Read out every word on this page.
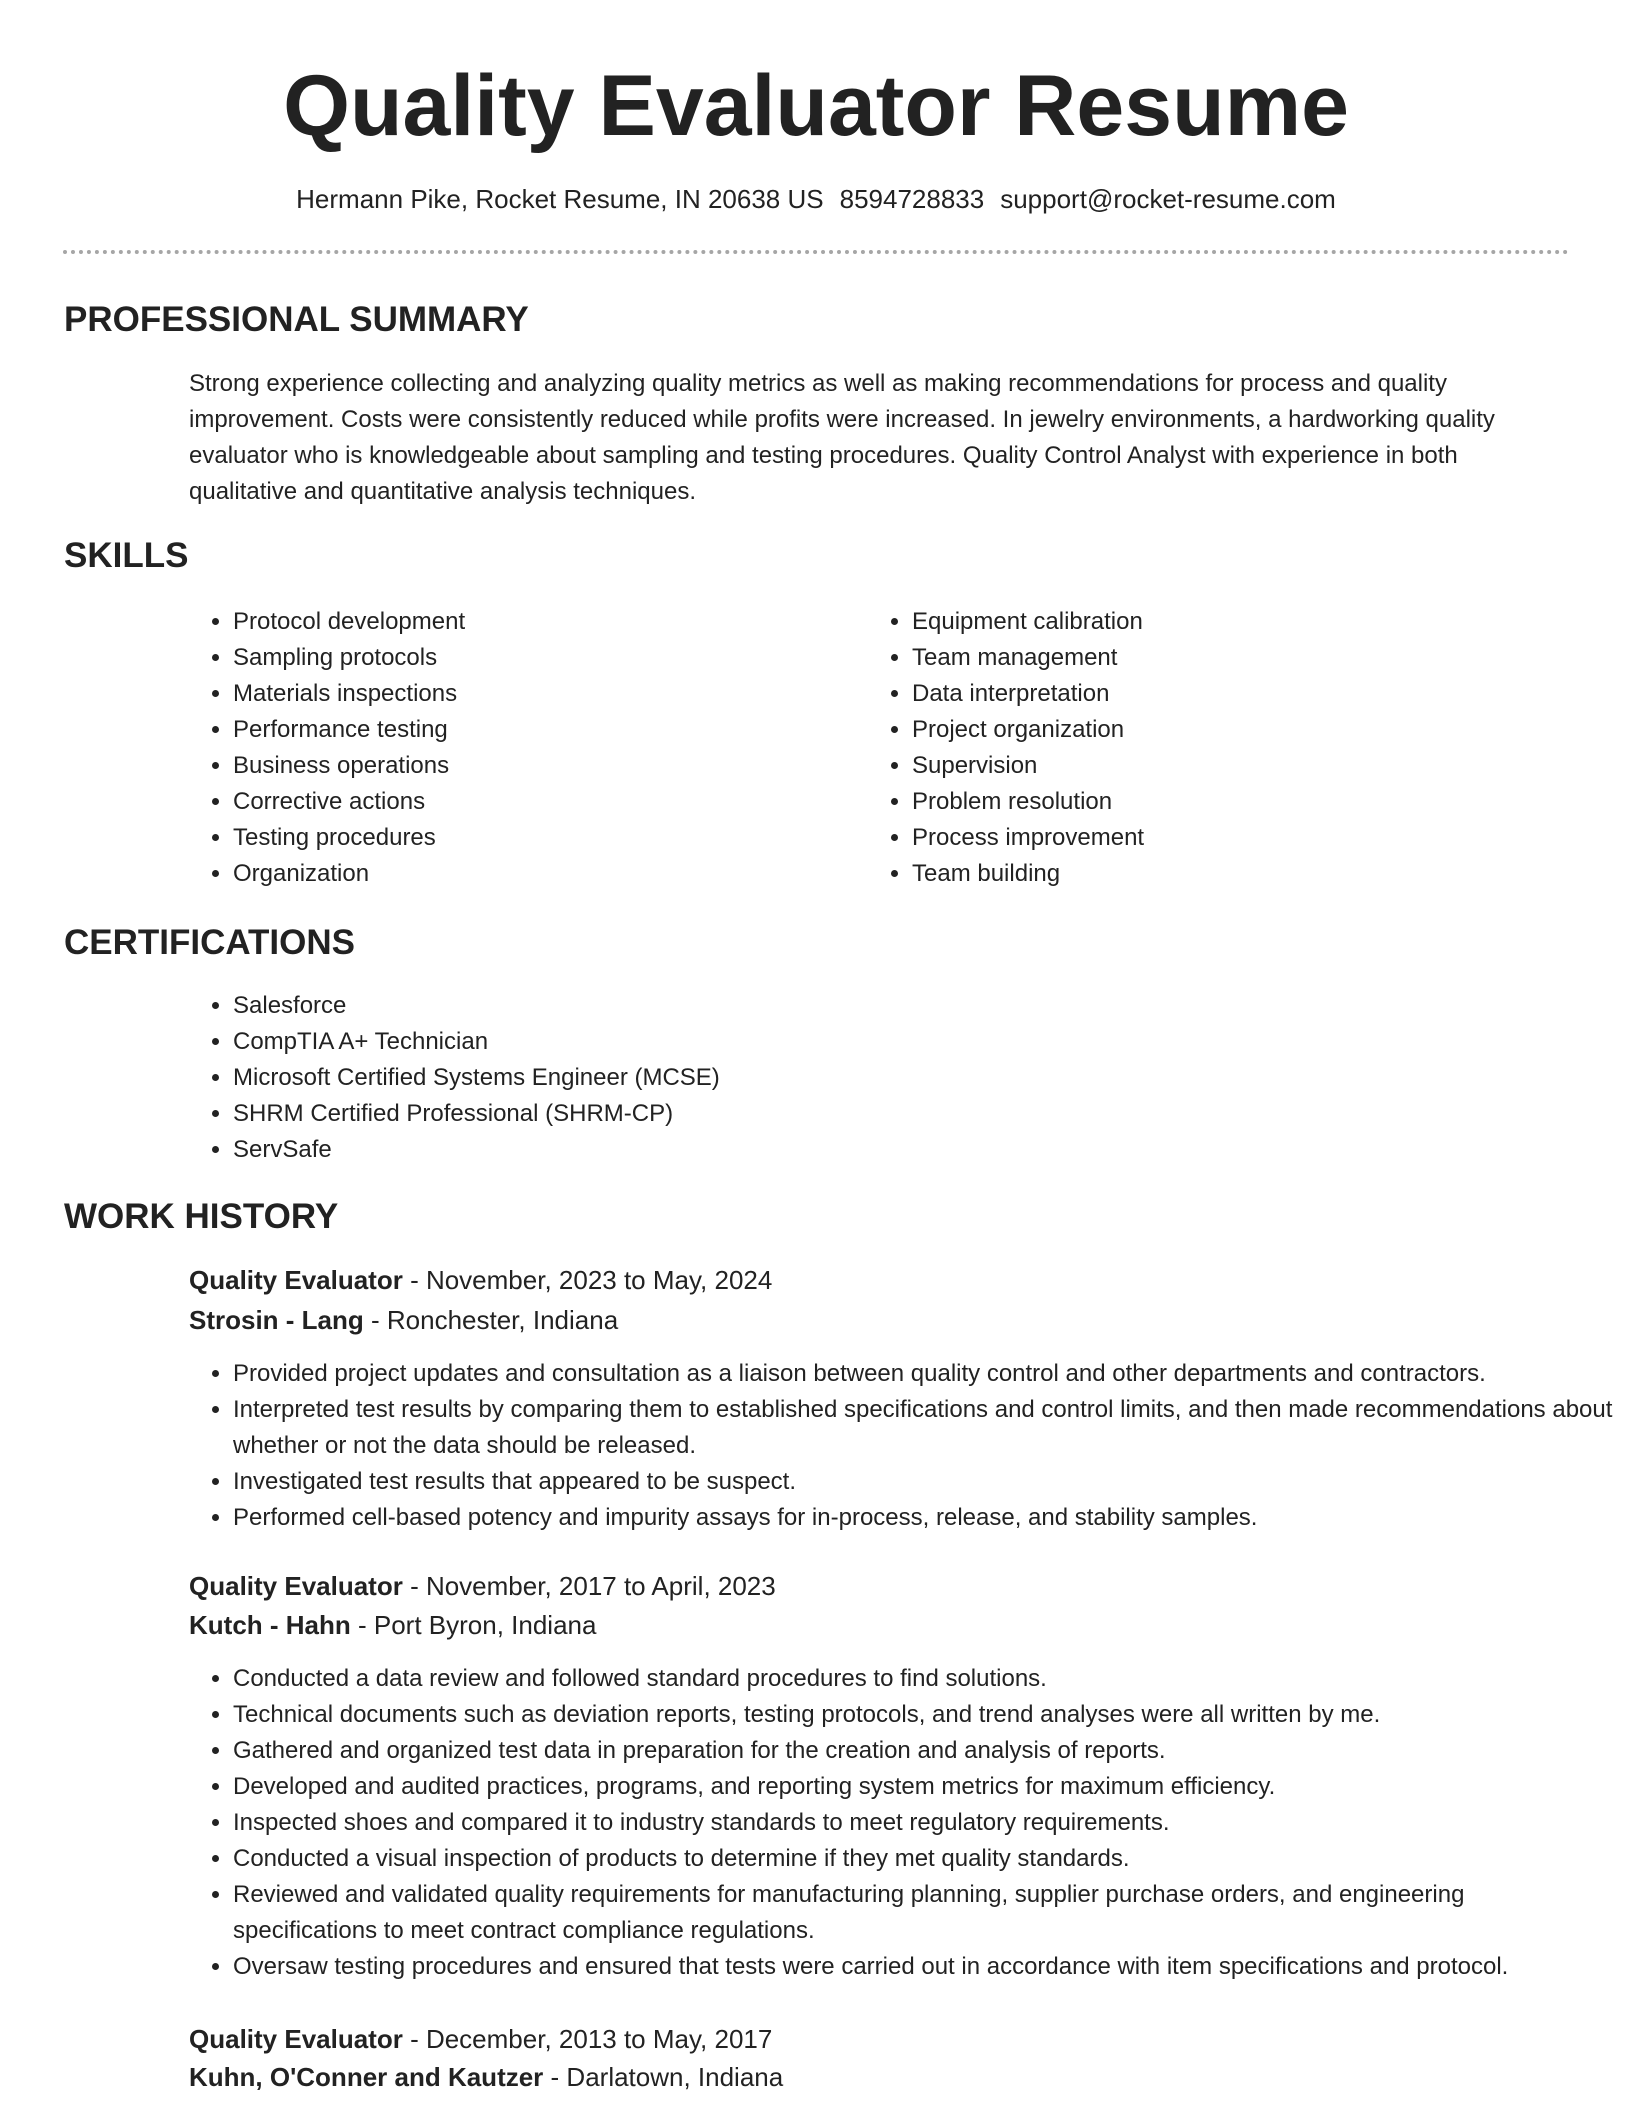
Quality Evaluator Resume
Hermann Pike, Rocket Resume, IN 20638 US 8594728833 support@rocket-resume.com
PROFESSIONAL SUMMARY

Strong experience collecting and analyzing quality metrics as well as making recommendations for process and quality improvement. Costs were consistently reduced while profits were increased. In jewelry environments, a hardworking quality evaluator who is knowledgeable about sampling and testing procedures. Quality Control Analyst with experience in both qualitative and quantitative analysis techniques.

SKILLS
• Protocol development
• Sampling protocols
• Materials inspections
• Performance testing
• Business operations
• Corrective actions
• Testing procedures
• Organization
• Equipment calibration
• Team management
• Data interpretation
• Project organization
• Supervision
• Problem resolution
• Process improvement
• Team building
CERTIFICATIONS
• Salesforce
• CompTIA A+ Technician
• Microsoft Certified Systems Engineer (MCSE)
• SHRM Certified Professional (SHRM-CP)
• ServSafe
WORK HISTORY
Quality Evaluator - November, 2023 to May, 2024
Strosin - Lang - Ronchester, Indiana
• Provided project updates and consultation as a liaison between quality control and other departments and contractors.
• Interpreted test results by comparing them to established specifications and control limits, and then made recommendations about whether or not the data should be released.
• Investigated test results that appeared to be suspect.
• Performed cell-based potency and impurity assays for in-process, release, and stability samples.
Quality Evaluator - November, 2017 to April, 2023
Kutch - Hahn - Port Byron, Indiana
• Conducted a data review and followed standard procedures to find solutions.
• Technical documents such as deviation reports, testing protocols, and trend analyses were all written by me.
• Gathered and organized test data in preparation for the creation and analysis of reports.
• Developed and audited practices, programs, and reporting system metrics for maximum efficiency.
• Inspected shoes and compared it to industry standards to meet regulatory requirements.
• Conducted a visual inspection of products to determine if they met quality standards.
• Reviewed and validated quality requirements for manufacturing planning, supplier purchase orders, and engineering specifications to meet contract compliance regulations.
• Oversaw testing procedures and ensured that tests were carried out in accordance with item specifications and protocol.
Quality Evaluator - December, 2013 to May, 2017
Kuhn, O'Conner and Kautzer - Darlatown, Indiana
